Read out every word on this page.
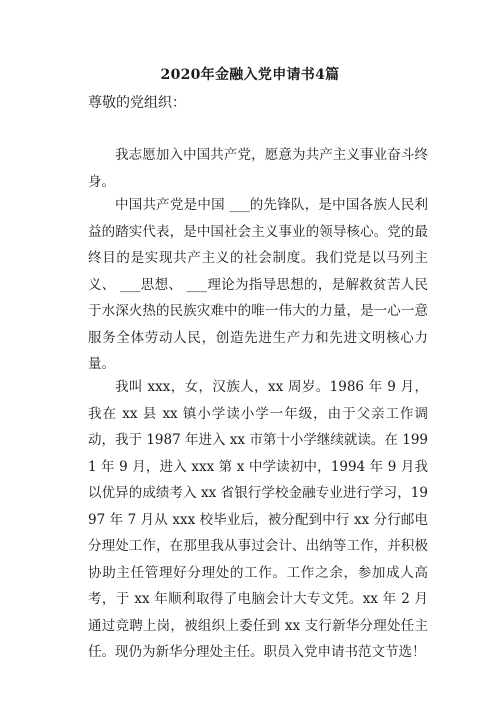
2020年金融入党申请书4篇
尊敬的党组织：

我志愿加入中国共产党，愿意为共产主义事业奋斗终身。

中国共产党是中国 ___的先锋队，是中国各族人民利益的踏实代表，是中国社会主义事业的领导核心。党的最终目的是实现共产主义的社会制度。我们党是以马列主义、 ___思想、 ___理论为指导思想的，是解救贫苦人民于水深火热的民族灾难中的唯一伟大的力量，是一心一意服务全体劳动人民，创造先进生产力和先进文明核心力量。

我叫 xxx，女，汉族人，xx 周岁。1986 年 9 月，我在 xx 县 xx 镇小学读小学一年级，由于父亲工作调动，我于 1987 年进入 xx 市第十小学继续就读。在 1991 年 9 月，进入 xxx 第 x 中学读初中，1994 年 9 月我以优异的成绩考入 xx 省银行学校金融专业进行学习，1997 年 7 月从 xxx 校毕业后，被分配到中行 xx 分行邮电分理处工作，在那里我从事过会计、出纳等工作，并积极协助主任管理好分理处的工作。工作之余，参加成人高考，于 xx 年顺利取得了电脑会计大专文凭。xx 年 2 月通过竞聘上岗，被组织上委任到 xx 支行新华分理处任主任。现仍为新华分理处主任。职员入党申请书范文节选！
